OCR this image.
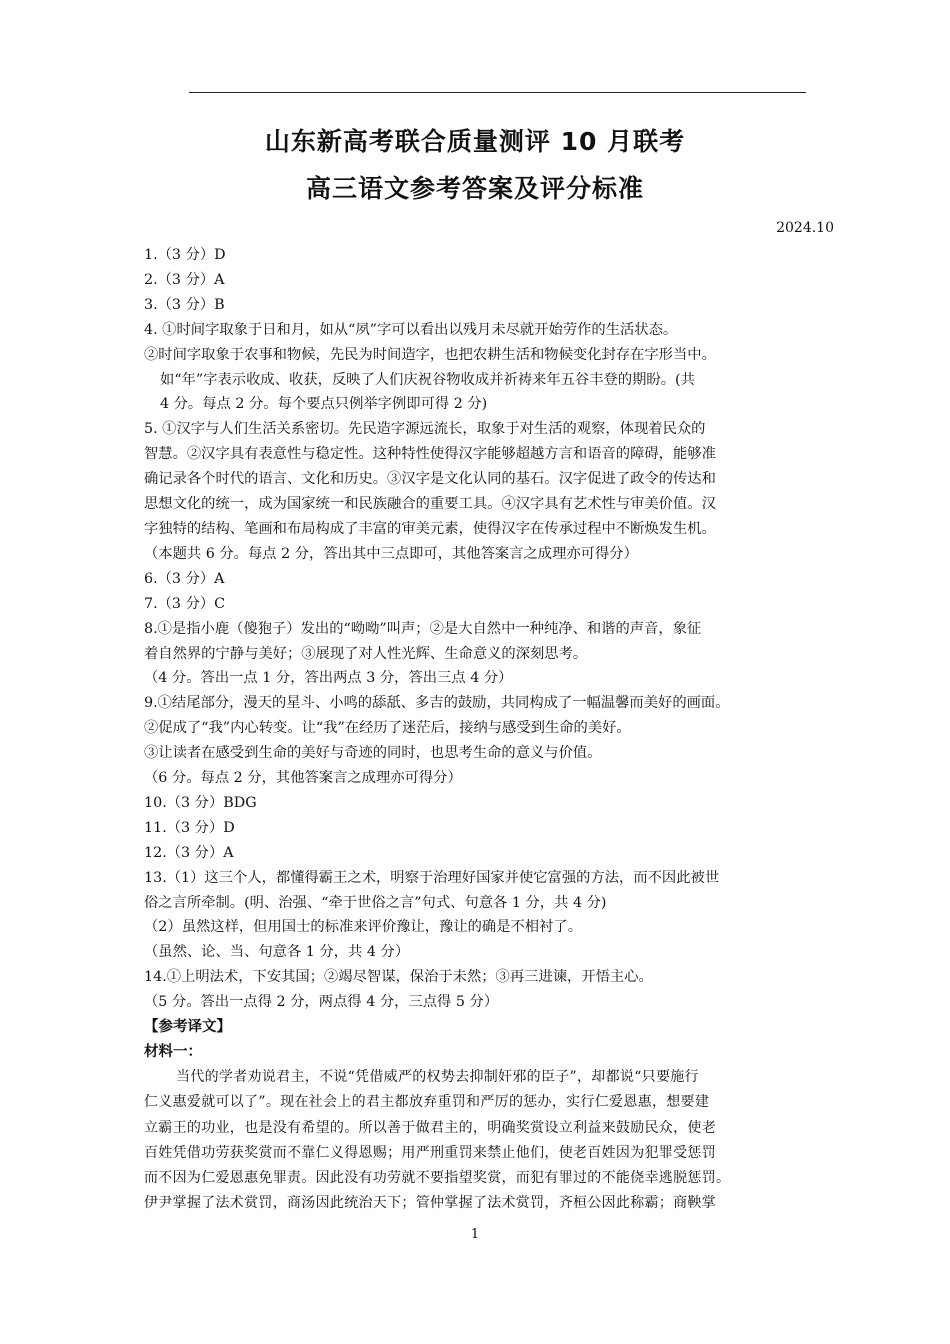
山东新高考联合质量测评 10 月联考
高三语文参考答案及评分标准
2024.10
1.（3 分）D
2.（3 分）A
3.（3 分）B
4. ①时间字取象于日和月，如从“夙”字可以看出以残月未尽就开始劳作的生活状态。
②时间字取象于农事和物候，先民为时间造字，也把农耕生活和物候变化封存在字形当中。
如“年”字表示收成、收获，反映了人们庆祝谷物收成并祈祷来年五谷丰登的期盼。(共
4 分。每点 2 分。每个要点只例举字例即可得 2 分)
5. ①汉字与人们生活关系密切。先民造字源远流长，取象于对生活的观察，体现着民众的
智慧。②汉字具有表意性与稳定性。这种特性使得汉字能够超越方言和语音的障碍，能够准
确记录各个时代的语言、文化和历史。③汉字是文化认同的基石。汉字促进了政令的传达和
思想文化的统一，成为国家统一和民族融合的重要工具。④汉字具有艺术性与审美价值。汉
字独特的结构、笔画和布局构成了丰富的审美元素，使得汉字在传承过程中不断焕发生机。
（本题共 6 分。每点 2 分，答出其中三点即可，其他答案言之成理亦可得分）
6.（3 分）A
7.（3 分）C
8.①是指小鹿（傻狍子）发出的“呦呦”叫声；②是大自然中一种纯净、和谐的声音，象征
着自然界的宁静与美好；③展现了对人性光辉、生命意义的深刻思考。
（4 分。答出一点 1 分，答出两点 3 分，答出三点 4 分）
9.①结尾部分，漫天的星斗、小鸣的舔舐、多吉的鼓励，共同构成了一幅温馨而美好的画面。
②促成了“我”内心转变。让“我”在经历了迷茫后，接纳与感受到生命的美好。
③让读者在感受到生命的美好与奇迹的同时，也思考生命的意义与价值。
（6 分。每点 2 分，其他答案言之成理亦可得分）
10.（3 分）BDG
11.（3 分）D
12.（3 分）A
13.（1）这三个人，都懂得霸王之术，明察于治理好国家并使它富强的方法，而不因此被世
俗之言所牵制。(明、治强、“牵于世俗之言”句式、句意各 1 分，共 4 分)
（2）虽然这样，但用国士的标准来评价豫让，豫让的确是不相衬了。
（虽然、论、当、句意各 1 分，共 4 分）
14.①上明法术，下安其国；②竭尽智谋，保治于未然；③再三进谏，开悟主心。
（5 分。答出一点得 2 分，两点得 4 分，三点得 5 分）
【参考译文】
材料一：
当代的学者劝说君主，不说“凭借威严的权势去抑制奸邪的臣子”，却都说“只要施行
仁义惠爱就可以了”。现在社会上的君主都放弃重罚和严厉的惩办，实行仁爱恩惠，想要建
立霸王的功业，也是没有希望的。所以善于做君主的，明确奖赏设立利益来鼓励民众，使老
百姓凭借功劳获奖赏而不靠仁义得恩赐；用严刑重罚来禁止他们，使老百姓因为犯罪受惩罚
而不因为仁爱恩惠免罪责。因此没有功劳就不要指望奖赏，而犯有罪过的不能侥幸逃脱惩罚。
伊尹掌握了法术赏罚，商汤因此统治天下；管仲掌握了法术赏罚，齐桓公因此称霸；商鞅掌
1
